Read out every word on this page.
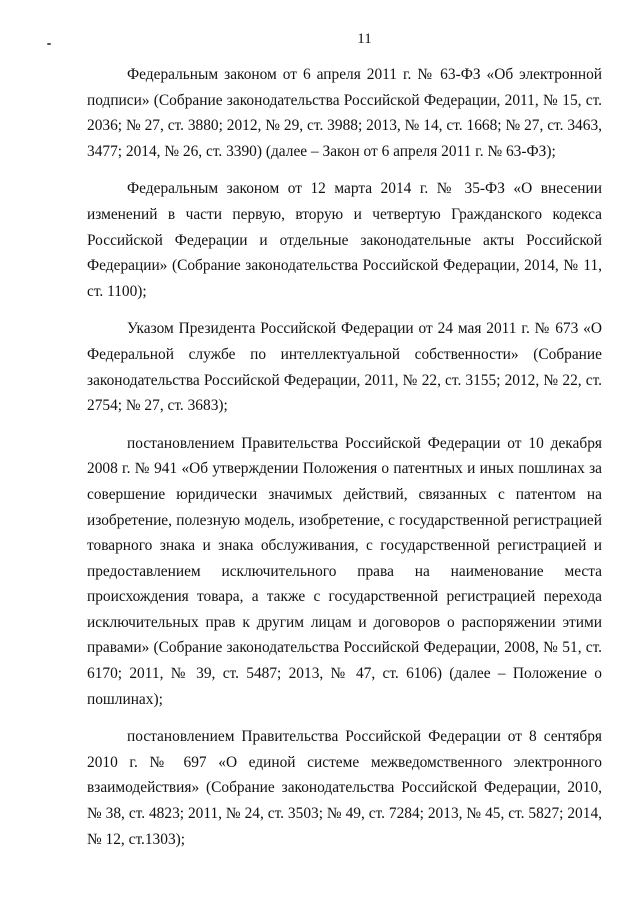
11

Федеральным законом от 6 апреля 2011 г. № 63-ФЗ «Об электронной подписи» (Собрание законодательства Российской Федерации, 2011, № 15, ст. 2036; № 27, ст. 3880; 2012, № 29, ст. 3988; 2013, № 14, ст. 1668; № 27, ст. 3463, 3477; 2014, № 26, ст. 3390) (далее – Закон от 6 апреля 2011 г. № 63-ФЗ);

Федеральным законом от 12 марта 2014 г. № 35-ФЗ «О внесении изменений в части первую, вторую и четвертую Гражданского кодекса Российской Федерации и отдельные законодательные акты Российской Федерации» (Собрание законодательства Российской Федерации, 2014, № 11, ст. 1100);

Указом Президента Российской Федерации от 24 мая 2011 г. № 673 «О Федеральной службе по интеллектуальной собственности» (Собрание законодательства Российской Федерации, 2011, № 22, ст. 3155; 2012, № 22, ст. 2754; № 27, ст. 3683);

постановлением Правительства Российской Федерации от 10 декабря 2008 г. № 941 «Об утверждении Положения о патентных и иных пошлинах за совершение юридически значимых действий, связанных с патентом на изобретение, полезную модель, изобретение, с государственной регистрацией товарного знака и знака обслуживания, с государственной регистрацией и предоставлением исключительного права на наименование места происхождения товара, а также с государственной регистрацией перехода исключительных прав к другим лицам и договоров о распоряжении этими правами» (Собрание законодательства Российской Федерации, 2008, № 51, ст. 6170; 2011, № 39, ст. 5487; 2013, № 47, ст. 6106) (далее – Положение о пошлинах);

постановлением Правительства Российской Федерации от 8 сентября 2010 г. № 697 «О единой системе межведомственного электронного взаимодействия» (Собрание законодательства Российской Федерации, 2010, № 38, ст. 4823; 2011, № 24, ст. 3503; № 49, ст. 7284; 2013, № 45, ст. 5827; 2014, № 12, ст.1303);
